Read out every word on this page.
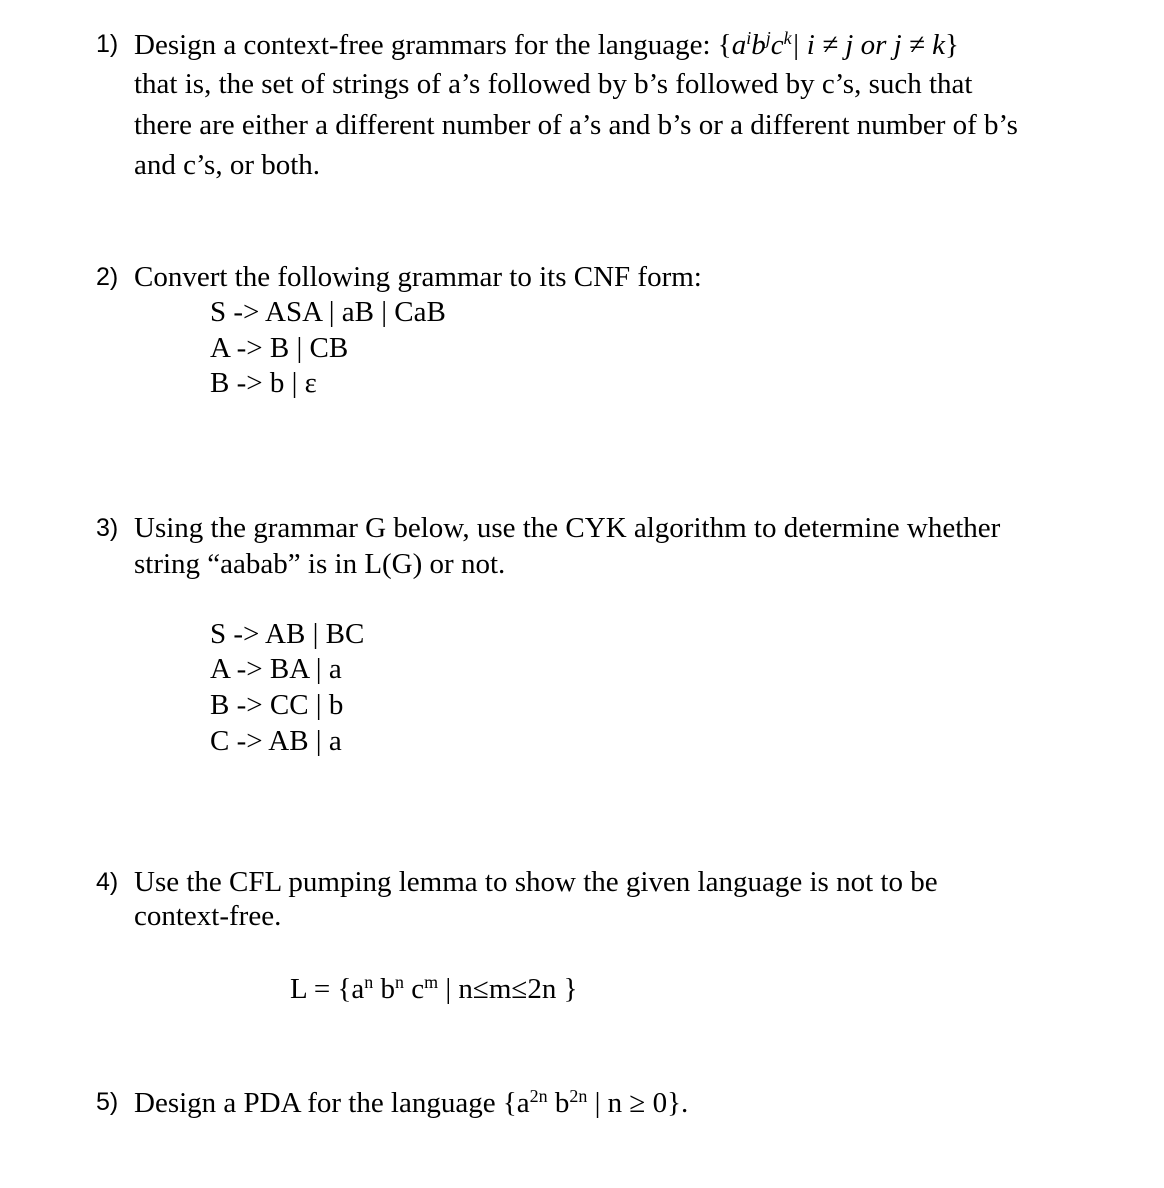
1) Design a context-free grammars for the language: {$a^ib^jc^k|$ i ≠ j or j ≠ k}
that is, the set of strings of a’s followed by b’s followed by c’s, such that
there are either a different number of a’s and b’s or a different number of b’s
and c’s, or both.
2) Convert the following grammar to its CNF form:
S -> ASA | aB | CaB
A -> B | CB
B -> b | ε
3) Using the grammar G below, use the CYK algorithm to determine whether
string “aabab” is in L(G) or not.
S -> AB | BC
A -> BA | a
B -> CC | b
C -> AB | a
4) Use the CFL pumping lemma to show the given language is not to be
context-free.
$L = \{a^n$ $b^n$ $c^m$ | n≤m≤2n }
5) Design a PDA for the language {$a^{2n}$ $b^{2n}$ | n ≥ 0}.
